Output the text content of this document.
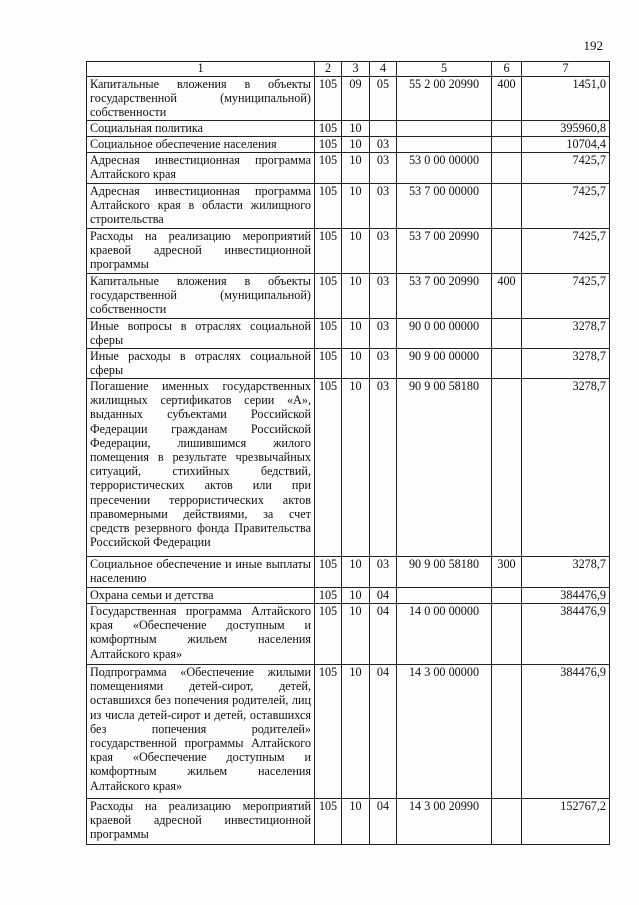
192
1	2	3	4	5	6	7
Капитальные вложения в объекты государственной (муниципальной) собственности	105	09	05	55 2 00 20990	400	1451,0
Социальная политика	105	10				395960,8
Социальное обеспечение населения	105	10	03			10704,4
Адресная инвестиционная программа Алтайского края	105	10	03	53 0 00 00000		7425,7
Адресная инвестиционная программа Алтайского края в области жилищного строительства	105	10	03	53 7 00 00000		7425,7
Расходы на реализацию мероприятий краевой адресной инвестиционной программы	105	10	03	53 7 00 20990		7425,7
Капитальные вложения в объекты государственной (муниципальной) собственности	105	10	03	53 7 00 20990	400	7425,7
Иные вопросы в отраслях социальной сферы	105	10	03	90 0 00 00000		3278,7
Иные расходы в отраслях социальной сферы	105	10	03	90 9 00 00000		3278,7
Погашение именных государственных жилищных сертификатов серии «А», выданных субъектами Российской Федерации гражданам Российской Федерации, лишившимся жилого помещения в результате чрезвычайных ситуаций, стихийных бедствий, террористических актов или при пресечении террористических актов правомерными действиями, за счет средств резервного фонда Правительства Российской Федерации	105	10	03	90 9 00 58180		3278,7
Социальное обеспечение и иные выплаты населению	105	10	03	90 9 00 58180	300	3278,7
Охрана семьи и детства	105	10	04			384476,9
Государственная программа Алтайского края «Обеспечение доступным и комфортным жильем населения Алтайского края»	105	10	04	14 0 00 00000		384476,9
Подпрограмма «Обеспечение жилыми помещениями детей-сирот, детей, оставшихся без попечения родителей, лиц из числа детей-сирот и детей, оставшихся без попечения родителей» государственной программы Алтайского края «Обеспечение доступным и комфортным жильем населения Алтайского края»	105	10	04	14 3 00 00000		384476,9
Расходы на реализацию мероприятий краевой адресной инвестиционной программы	105	10	04	14 3 00 20990		152767,2
